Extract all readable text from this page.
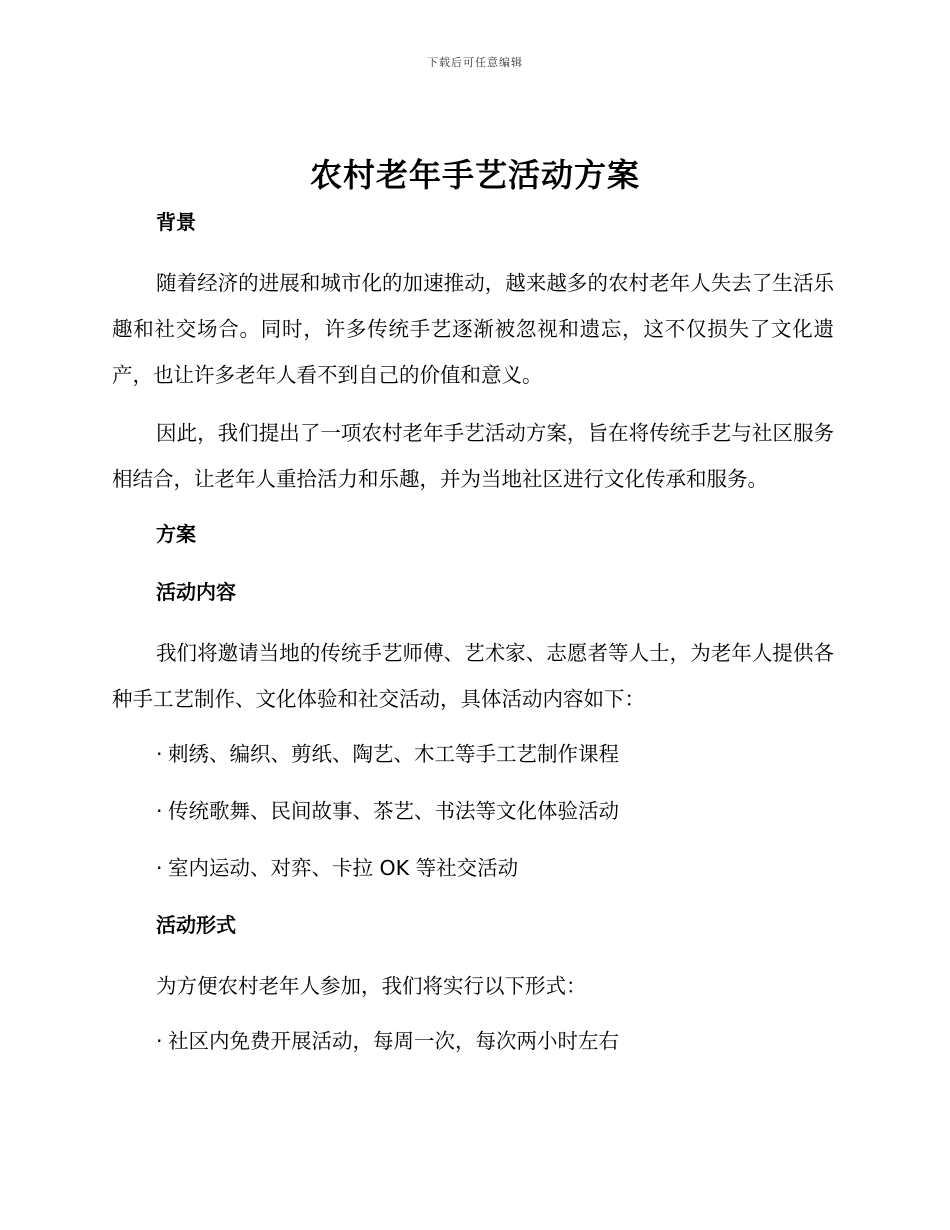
下载后可任意编辑
农村老年手艺活动方案
背景
随着经济的进展和城市化的加速推动，越来越多的农村老年人失去了生活乐趣和社交场合。同时，许多传统手艺逐渐被忽视和遗忘，这不仅损失了文化遗产，也让许多老年人看不到自己的价值和意义。
因此，我们提出了一项农村老年手艺活动方案，旨在将传统手艺与社区服务相结合，让老年人重拾活力和乐趣，并为当地社区进行文化传承和服务。
方案
活动内容
我们将邀请当地的传统手艺师傅、艺术家、志愿者等人士，为老年人提供各种手工艺制作、文化体验和社交活动，具体活动内容如下：
· 刺绣、编织、剪纸、陶艺、木工等手工艺制作课程
· 传统歌舞、民间故事、茶艺、书法等文化体验活动
· 室内运动、对弈、卡拉 OK 等社交活动
活动形式
为方便农村老年人参加，我们将实行以下形式：
· 社区内免费开展活动，每周一次，每次两小时左右
